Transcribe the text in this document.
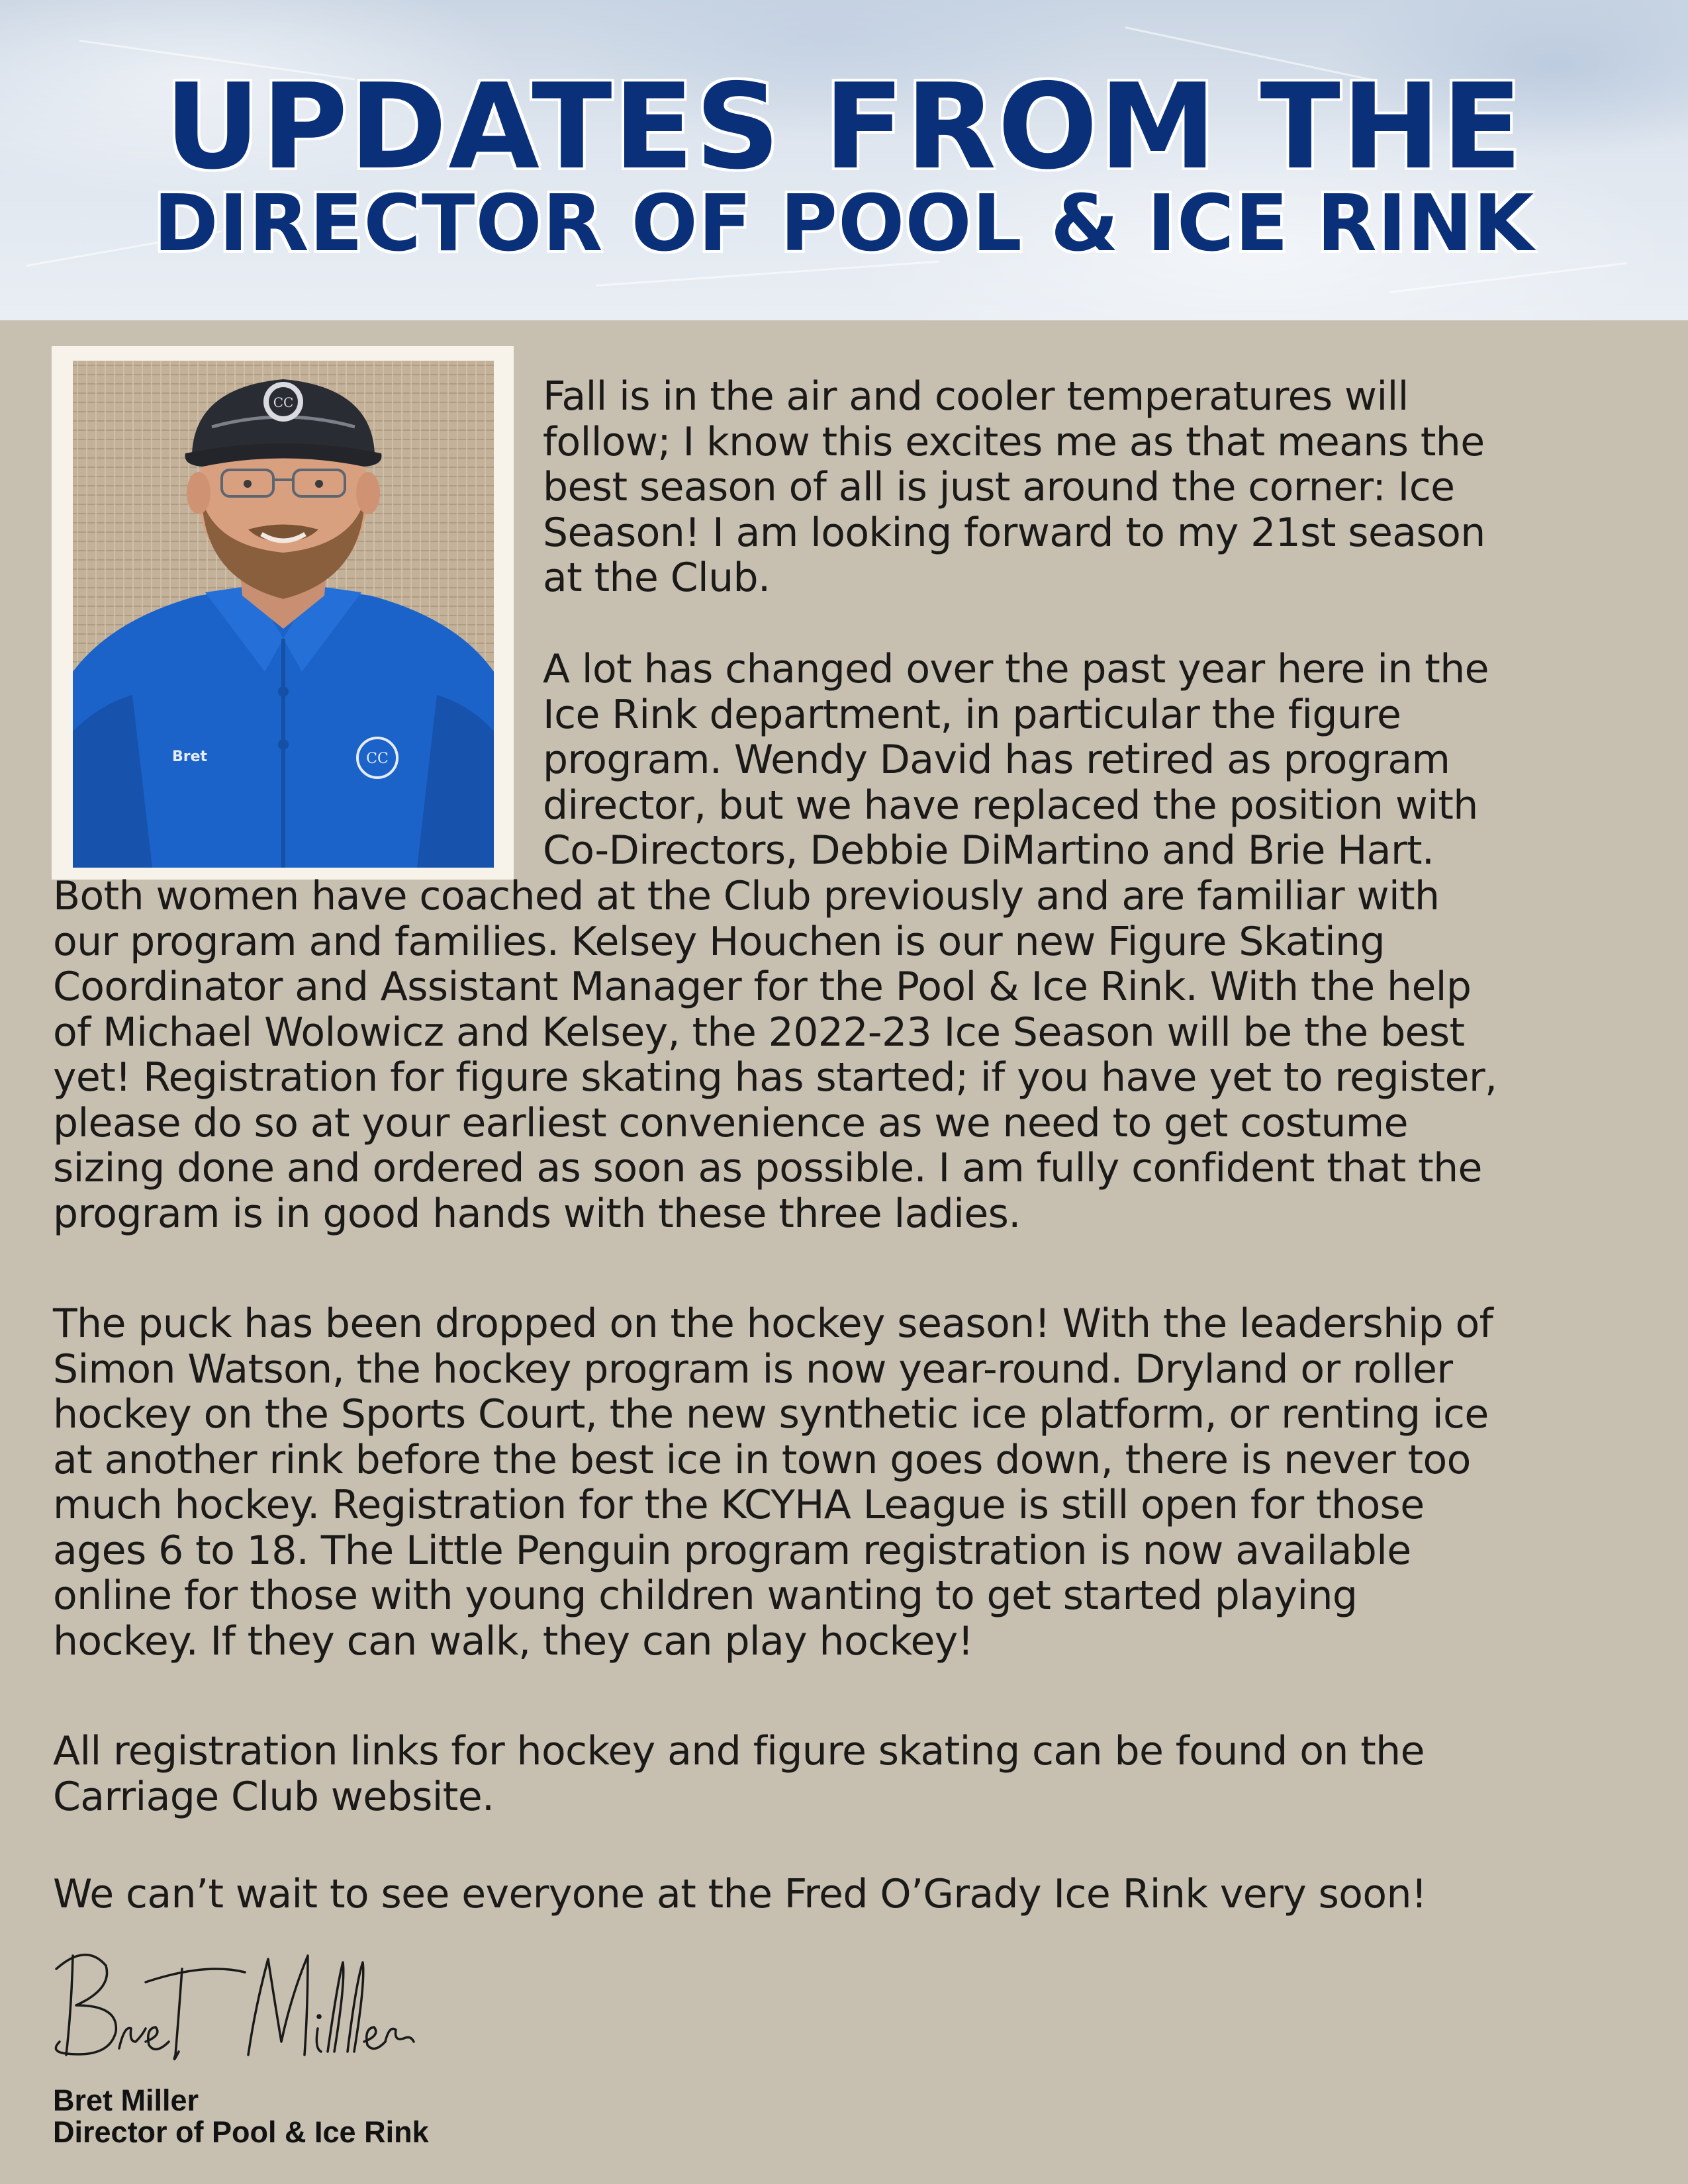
UPDATES FROM THE
DIRECTOR OF POOL & ICE RINK
CC
CC
Bret
Fall is in the air and cooler temperatures will
follow; I know this excites me as that means the
best season of all is just around the corner: Ice
Season! I am looking forward to my 21st season
at the Club.
A lot has changed over the past year here in the
Ice Rink department, in particular the figure
program. Wendy David has retired as program
director, but we have replaced the position with
Co-Directors, Debbie DiMartino and Brie Hart.
Both women have coached at the Club previously and are familiar with
our program and families. Kelsey Houchen is our new Figure Skating
Coordinator and Assistant Manager for the Pool & Ice Rink. With the help
of Michael Wolowicz and Kelsey, the 2022-23 Ice Season will be the best
yet! Registration for figure skating has started; if you have yet to register,
please do so at your earliest convenience as we need to get costume
sizing done and ordered as soon as possible. I am fully confident that the
program is in good hands with these three ladies.
The puck has been dropped on the hockey season! With the leadership of
Simon Watson, the hockey program is now year-round. Dryland or roller
hockey on the Sports Court, the new synthetic ice platform, or renting ice
at another rink before the best ice in town goes down, there is never too
much hockey. Registration for the KCYHA League is still open for those
ages 6 to 18. The Little Penguin program registration is now available
online for those with young children wanting to get started playing
hockey. If they can walk, they can play hockey!
All registration links for hockey and figure skating can be found on the
Carriage Club website.
We can’t wait to see everyone at the Fred O’Grady Ice Rink very soon!
Bret Miller
Director of Pool & Ice Rink
